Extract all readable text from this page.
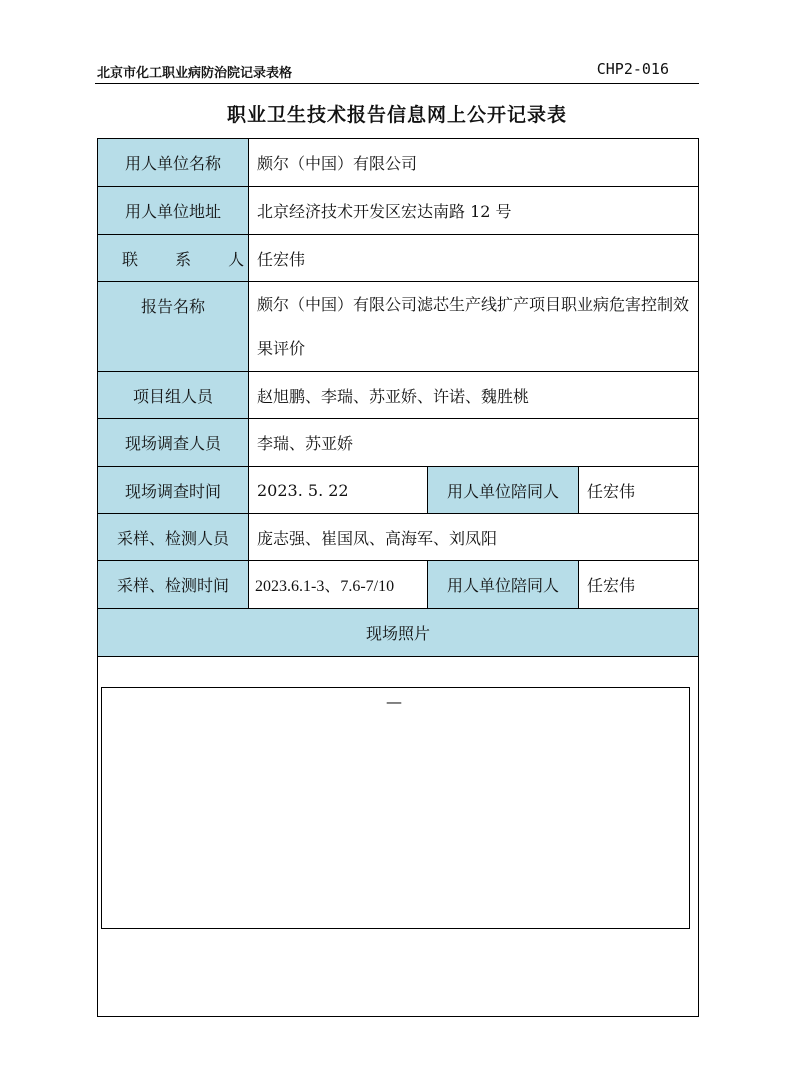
北京市化工职业病防治院记录表格	CHP2-016
职业卫生技术报告信息网上公开记录表
用人单位名称	颇尔（中国）有限公司		
用人单位地址	北京经济技术开发区宏达南路 12 号		
联 系 人	任宏伟		
报告名称	颇尔（中国）有限公司滤芯生产线扩产项目职业病危害控制效果评价		
项目组人员	赵旭鹏、李瑞、苏亚娇、许诺、魏胜桃		
现场调查人员	李瑞、苏亚娇		
现场调查时间	2023. 5. 22	用人单位陪同人	任宏伟
采样、检测人员	庞志强、崔国凤、高海军、刘凤阳		
采样、检测时间	2023.6.1-3、7.6-7/10	用人单位陪同人	任宏伟
现场照片			

—			
